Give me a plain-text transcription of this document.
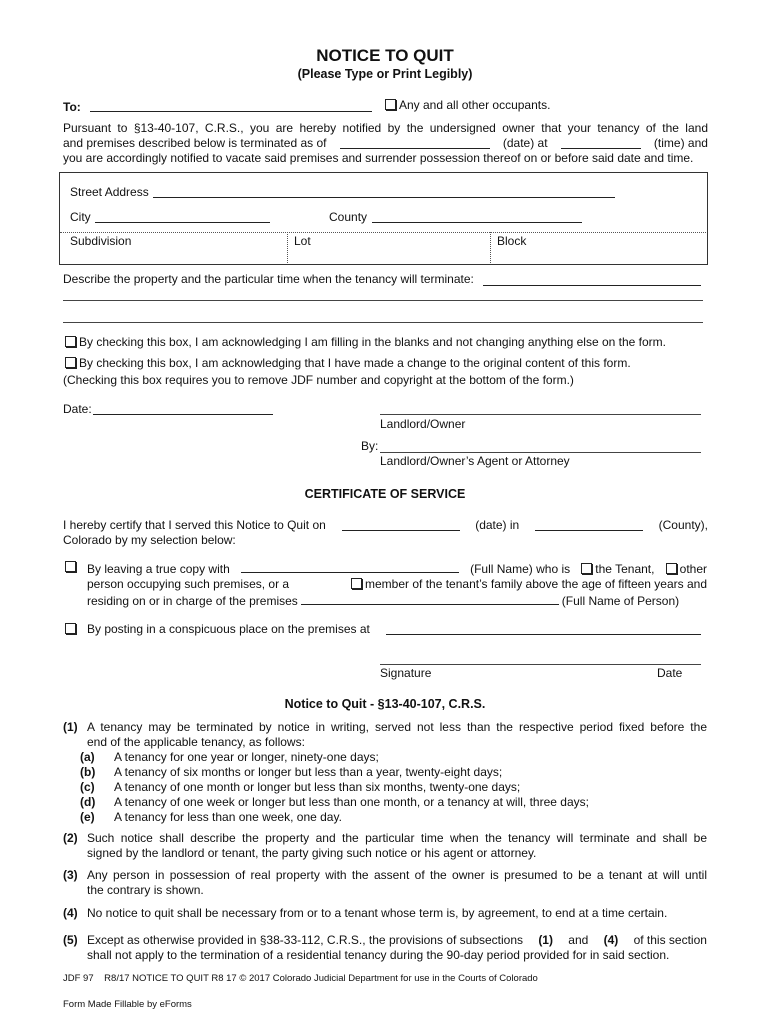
NOTICE TO QUIT
(Please Type or Print Legibly)
To:	Any and all other occupants.
Pursuant to §13-40-107, C.R.S., you are hereby notified by the undersigned owner that your tenancy of the land
and premises described below is terminated as of	(date) at	(time) and
you are accordingly notified to vacate said premises and surrender possession thereof on or before said date and time.
Street Address
City	County
Subdivision	Lot	Block
Describe the property and the particular time when the tenancy will terminate:
By checking this box, I am acknowledging I am filling in the blanks and not changing anything else on the form.
By checking this box, I am acknowledging that I have made a change to the original content of this form.
(Checking this box requires you to remove JDF number and copyright at the bottom of the form.)
Date:
Landlord/Owner
By:
Landlord/Owner’s Agent or Attorney
CERTIFICATE OF SERVICE
I hereby certify that I served this Notice to Quit on	(date) in	(County),
Colorado by my selection below:
By leaving a true copy with	(Full Name) who is	the Tenant,	other
person occupying such premises, or a	member of the tenant’s family above the age of fifteen years and
residing on or in charge of the premises	(Full Name of Person)
By posting in a conspicuous place on the premises at
Signature	Date
Notice to Quit - §13-40-107, C.R.S.
(1) A tenancy may be terminated by notice in writing, served not less than the respective period fixed before the
end of the applicable tenancy, as follows:
(a)	A tenancy for one year or longer, ninety-one days;
(b)	A tenancy of six months or longer but less than a year, twenty-eight days;
(c)	A tenancy of one month or longer but less than six months, twenty-one days;
(d)	A tenancy of one week or longer but less than one month, or a tenancy at will, three days;
(e)	A tenancy for less than one week, one day.
(2) Such notice shall describe the property and the particular time when the tenancy will terminate and shall be
signed by the landlord or tenant, the party giving such notice or his agent or attorney.
(3) Any person in possession of real property with the assent of the owner is presumed to be a tenant at will until
the contrary is shown.
(4) No notice to quit shall be necessary from or to a tenant whose term is, by agreement, to end at a time certain.
(5) Except as otherwise provided in §38-33-112, C.R.S., the provisions of subsections (1) and (4) of this section
shall not apply to the termination of a residential tenancy during the 90-day period provided for in said section.
JDF 97    R8/17 NOTICE TO QUIT R8 17 © 2017 Colorado Judicial Department for use in the Courts of Colorado
Form Made Fillable by eForms
